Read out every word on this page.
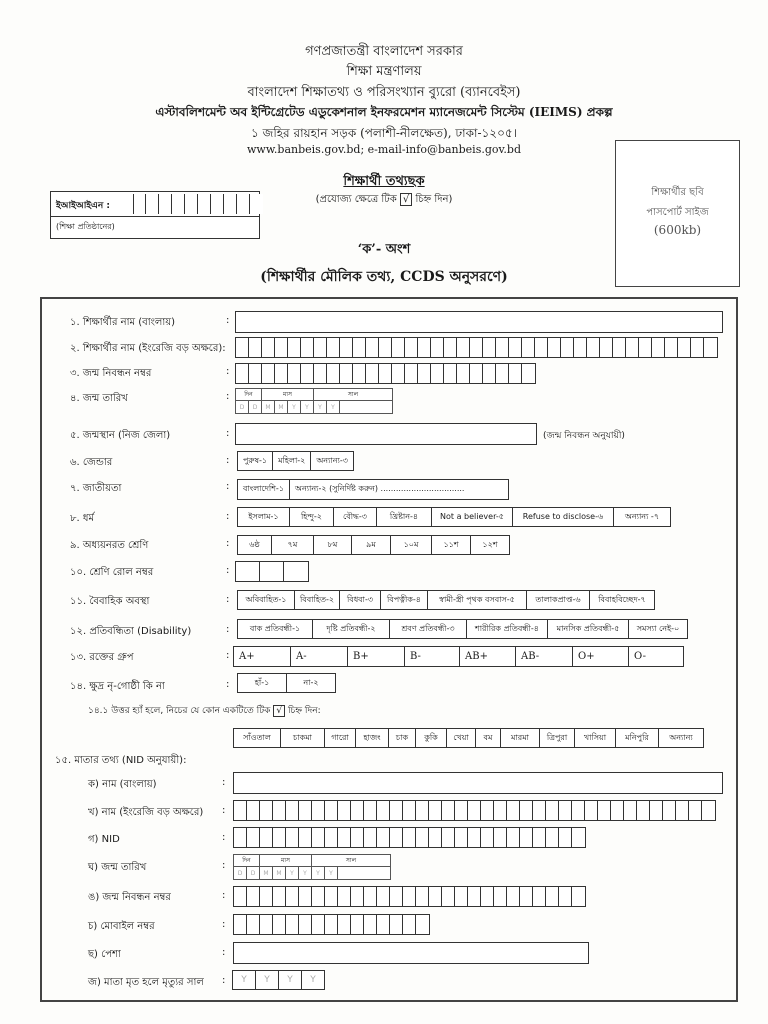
গণপ্রজাতন্ত্রী বাংলাদেশ সরকার
শিক্ষা মন্ত্রণালয়
বাংলাদেশ শিক্ষাতথ্য ও পরিসংখ্যান ব্যুরো (ব্যানবেইস)
এস্টাবলিশমেন্ট অব ইন্টিগ্রেটেড এডুকেশনাল ইনফরমেশন ম্যানেজমেন্ট সিস্টেম (IEIMS) প্রকল্প
১ জহির রায়হান সড়ক (পলাশী-নীলক্ষেত), ঢাকা-১২০৫।
www.banbeis.gov.bd; e-mail-info@banbeis.gov.bd
শিক্ষার্থীর ছবি
পাসপোর্ট সাইজ
(600kb)
ইআইআইএন :
(শিক্ষা প্রতিষ্ঠানের)
শিক্ষার্থী তথ্যছক
(প্রযোজ্য ক্ষেত্রে টিক √ চিহ্ন দিন)
‘ক’- অংশ
(শিক্ষার্থীর মৌলিক তথ্য, CCDS অনুসরণে)
১. শিক্ষার্থীর নাম (বাংলায়)	:
২. শিক্ষার্থীর নাম (ইংরেজি বড় অক্ষরে):
৩. জন্ম নিবন্ধন নম্বর	:
৪. জন্ম তারিখ	:	দিন	মাস	সাল
D	D	M	M	Y	Y	Y	Y
৫. জন্মস্থান (নিজ জেলা)	:	(জন্ম নিবন্ধন অনুযায়ী)
৬. জেন্ডার	:	পুরুষ-১	মহিলা-২	অন্যান্য-৩
৭. জাতীয়তা	:	বাংলাদেশি-১	অন্যান্য-২ (সুনির্দিষ্ট করুন) .................................
৮. ধর্ম	:	ইসলাম-১	হিন্দু-২	বৌদ্ধ-৩	খ্রিষ্টান-৪	Not a believer-৫	Refuse to disclose-৬	অন্যান্য -৭
৯. অধ্যয়নরত শ্রেণি	:	৬ষ্ঠ	৭ম	৮ম	৯ম	১০ম	১১শ	১২শ
১০. শ্রেণি রোল নম্বর	:
১১. বৈবাহিক অবস্থা	:	অবিবাহিত-১	বিবাহিত-২	বিধবা-৩	বিপত্নীক-৪	স্বামী-স্ত্রী পৃথক বসবাস-৫	তালাকপ্রাপ্ত-৬	বিবাহবিচ্ছেদ-৭
১২. প্রতিবন্ধিতা (Disability)	:	বাক প্রতিবন্ধী-১	দৃষ্টি প্রতিবন্ধী-২	শ্রবণ প্রতিবন্ধী-৩	শারীরিক প্রতিবন্ধী-৪	মানসিক প্রতিবন্ধী-৫	সমস্যা নেই-০
১৩. রক্তের গ্রুপ	: A+	A-	B+	B-	AB+	AB-	O+	O-
১৪. ক্ষুদ্র নৃ-গোষ্ঠী কি না	:	হাঁ-১	না-২
১৪.১ উত্তর হ্যাঁ হলে, নিচের যে কোন একটিতে টিক √ চিহ্ন দিন:
সাঁওতাল	চাকমা	গারো	হাজং	চাক	কুকি	খেয়া	বম	মারমা	ত্রিপুরা	খাসিয়া	মনিপুরি	অন্যান্য
১৫. মাতার তথ্য (NID অনুযায়ী):
ক) নাম (বাংলায়)	:
খ) নাম (ইংরেজি বড় অক্ষরে) :
গ) NID	:
ঘ) জন্ম তারিখ	:	দিন	মাস	সাল
D	D	M	M	Y	Y	Y	Y
ঙ) জন্ম নিবন্ধন নম্বর	:
চ) মোবাইল নম্বর	:
ছ) পেশা	:
জ) মাতা মৃত হলে মৃত্যুর সাল :	Y	Y	Y	Y
